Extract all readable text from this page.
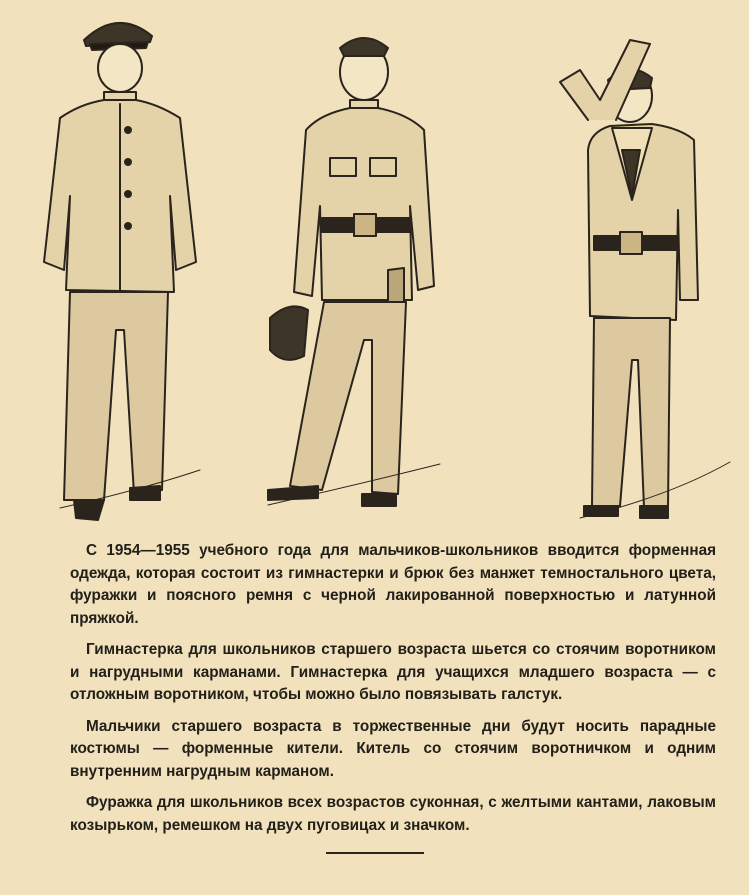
С 1954—1955 учебного года для мальчиков-школьников вводится форменная одежда, которая состоит из гимнастерки и брюк без манжет темностального цвета, фуражки и поясного ремня с черной лакированной поверхностью и латунной пряжкой.

Гимнастерка для школьников старшего возраста шьется со стоячим воротником и нагрудными карманами. Гимнастерка для учащихся младшего возраста — с отложным воротником, чтобы можно было повязывать галстук.

Мальчики старшего возраста в торжественные дни будут носить парадные костюмы — форменные кители. Китель со стоячим воротничком и одним внутренним нагрудным карманом.

Фуражка для школьников всех возрастов суконная, с желтыми кантами, лаковым козырьком, ремешком на двух пуговицах и значком.
